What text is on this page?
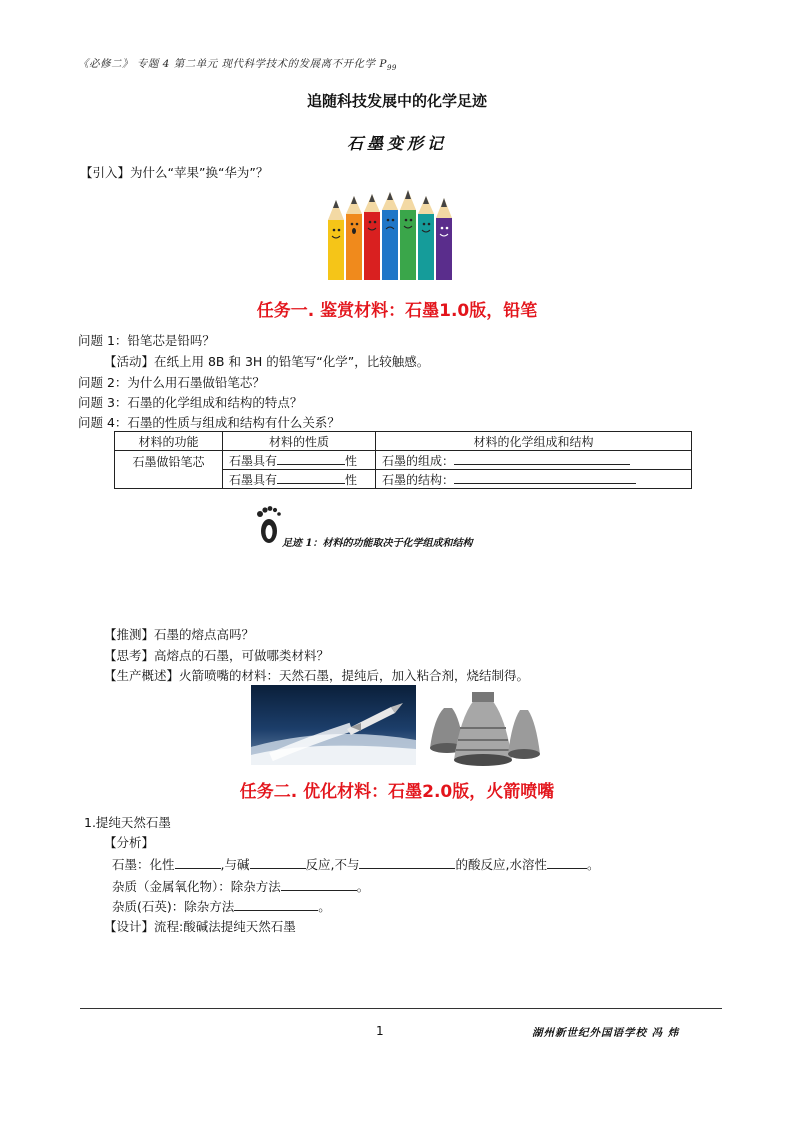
《必修二》 专题 4 第二单元 现代科学技术的发展离不开化学 $P_{99}$
追随科技发展中的化学足迹
石墨变形记
【引入】为什么“苹果”换“华为”？
任务一. 鉴赏材料：石墨1.0版，铅笔
问题 1：铅笔芯是铅吗？
【活动】在纸上用 8B 和 3H 的铅笔写“化学”，比较触感。
问题 2：为什么用石墨做铅笔芯？
问题 3：石墨的化学组成和结构的特点？
问题 4：石墨的性质与组成和结构有什么关系？
材料的功能	材料的性质	材料的化学组成和结构
石墨做铅笔芯	石墨具有 性	石墨的组成：
	石墨具有 性	石墨的结构：
足迹 1：材料的功能取决于化学组成和结构
【推测】石墨的熔点高吗？
【思考】高熔点的石墨，可做哪类材料？
【生产概述】火箭喷嘴的材料：天然石墨，提纯后，加入粘合剂，烧结制得。
任务二. 优化材料：石墨2.0版，火箭喷嘴
1.提纯天然石墨
【分析】
石墨：化性	,与碱	反应,不与	的酸反应,水溶性	。
杂质（金属氧化物）：除杂方法	。
杂质(石英)：除杂方法	。
【设计】流程:酸碱法提纯天然石墨
1	湖州新世纪外国语学校 冯 炜
